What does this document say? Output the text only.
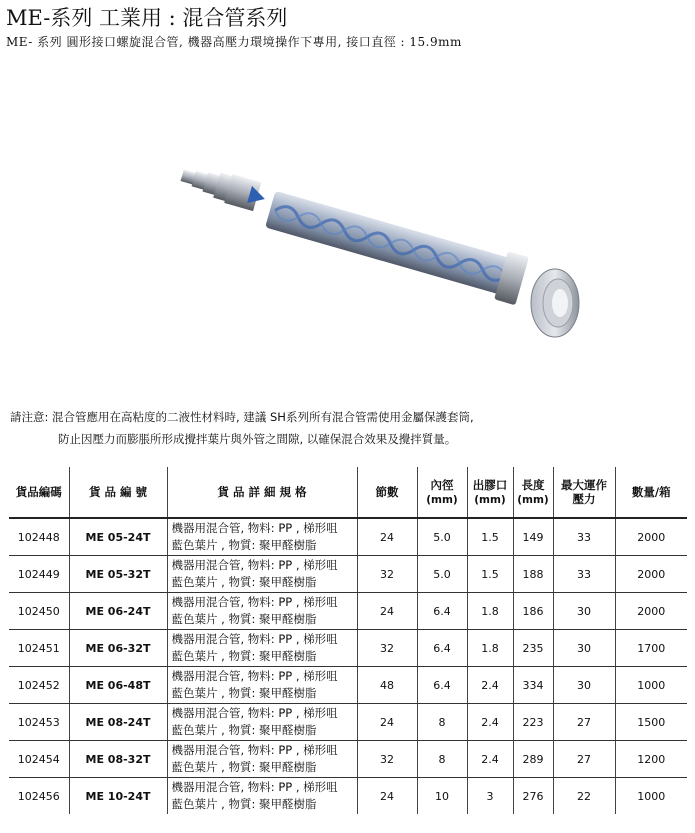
ME-系列 工業用 : 混合管系列
ME- 系列 圓形接口螺旋混合管, 機器高壓力環境操作下專用, 接口直徑 : 15.9mm
請注意: 混合管應用在高粘度的二液性材料時, 建議 SH系列所有混合管需使用金屬保護套筒,
防止因壓力而膨脹所形成攪拌葉片與外管之間隙, 以確保混合效果及攪拌質量。
貨品編碼	貨 品 編 號	貨 品 詳 細 規 格	節數	內徑
(mm)	出膠口
(mm)	長度
(mm)	最大運作
壓力	數量/箱
102448	ME 05-24T	機器用混合管, 物料: PP , 梯形咀
藍色葉片 , 物質: 聚甲醛樹脂	24	5.0	1.5	149	33	2000
102449	ME 05-32T	機器用混合管, 物料: PP , 梯形咀
藍色葉片 , 物質: 聚甲醛樹脂	32	5.0	1.5	188	33	2000
102450	ME 06-24T	機器用混合管, 物料: PP , 梯形咀
藍色葉片 , 物質: 聚甲醛樹脂	24	6.4	1.8	186	30	2000
102451	ME 06-32T	機器用混合管, 物料: PP , 梯形咀
藍色葉片 , 物質: 聚甲醛樹脂	32	6.4	1.8	235	30	1700
102452	ME 06-48T	機器用混合管, 物料: PP , 梯形咀
藍色葉片 , 物質: 聚甲醛樹脂	48	6.4	2.4	334	30	1000
102453	ME 08-24T	機器用混合管, 物料: PP , 梯形咀
藍色葉片 , 物質: 聚甲醛樹脂	24	8	2.4	223	27	1500
102454	ME 08-32T	機器用混合管, 物料: PP , 梯形咀
藍色葉片 , 物質: 聚甲醛樹脂	32	8	2.4	289	27	1200
102456	ME 10-24T	機器用混合管, 物料: PP , 梯形咀
藍色葉片 , 物質: 聚甲醛樹脂	24	10	3	276	22	1000
